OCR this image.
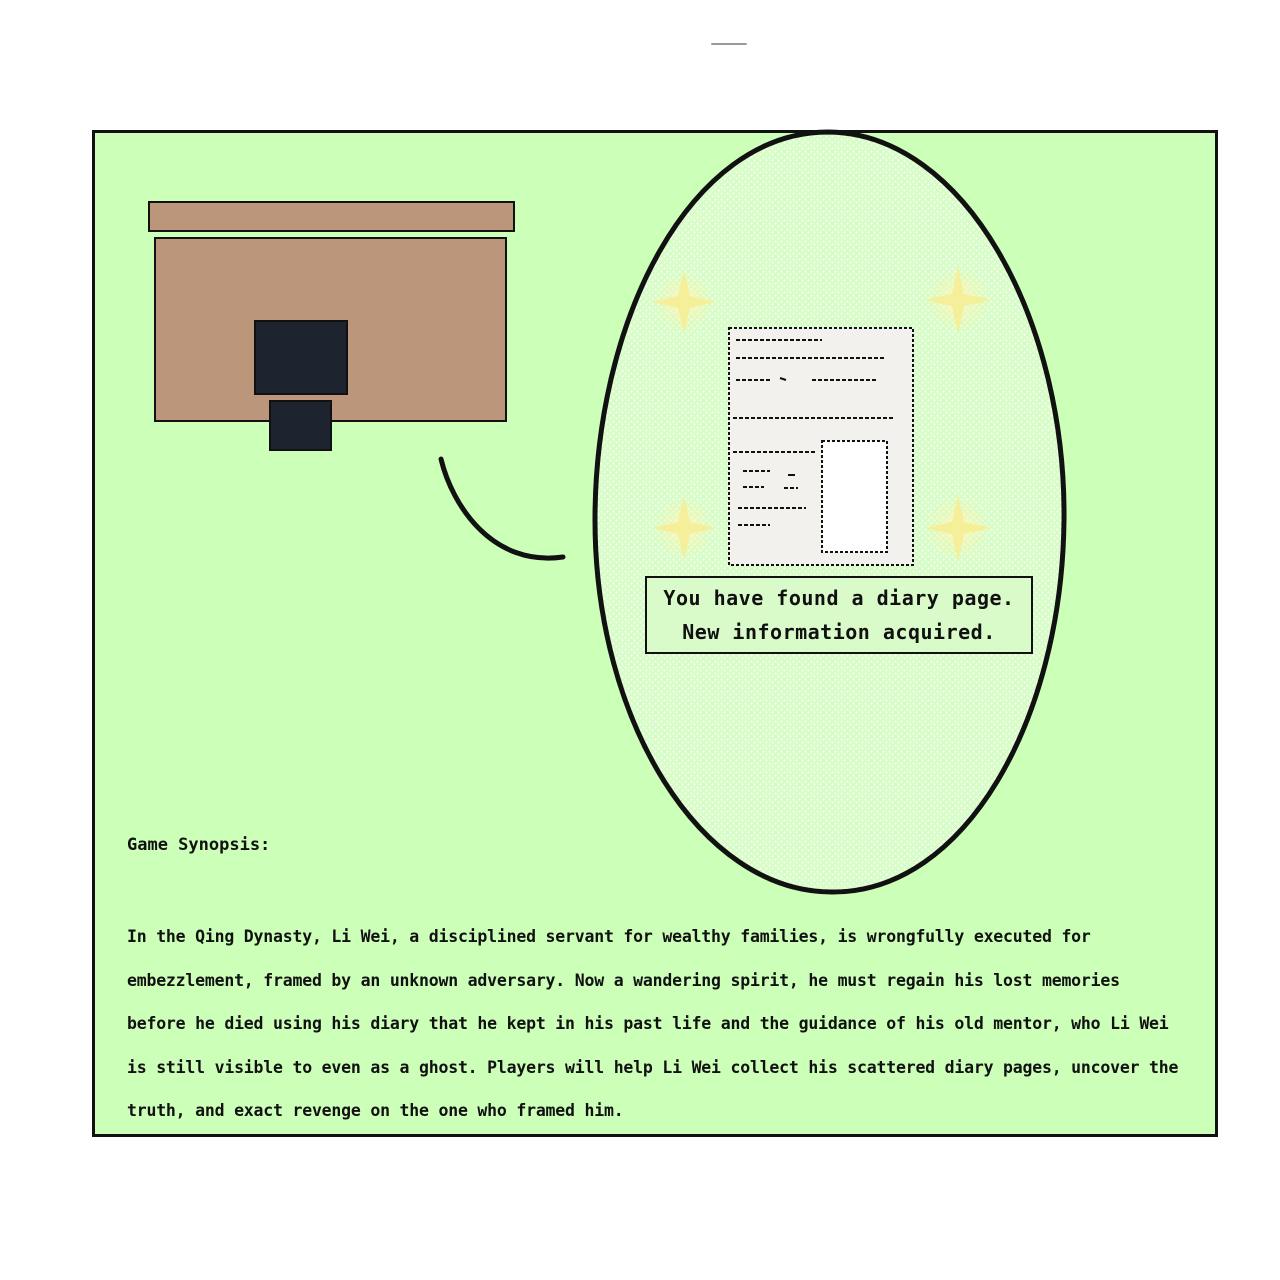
You have found a diary page.
New information acquired.
Game Synopsis:
In the Qing Dynasty, Li Wei, a disciplined servant for wealthy families, is wrongfully executed for embezzlement, framed by an unknown adversary. Now a wandering spirit, he must regain his lost memories before he died using his diary that he kept in his past life and the guidance of his old mentor, who Li Wei is still visible to even as a ghost. Players will help Li Wei collect his scattered diary pages, uncover the truth, and exact revenge on the one who framed him.
